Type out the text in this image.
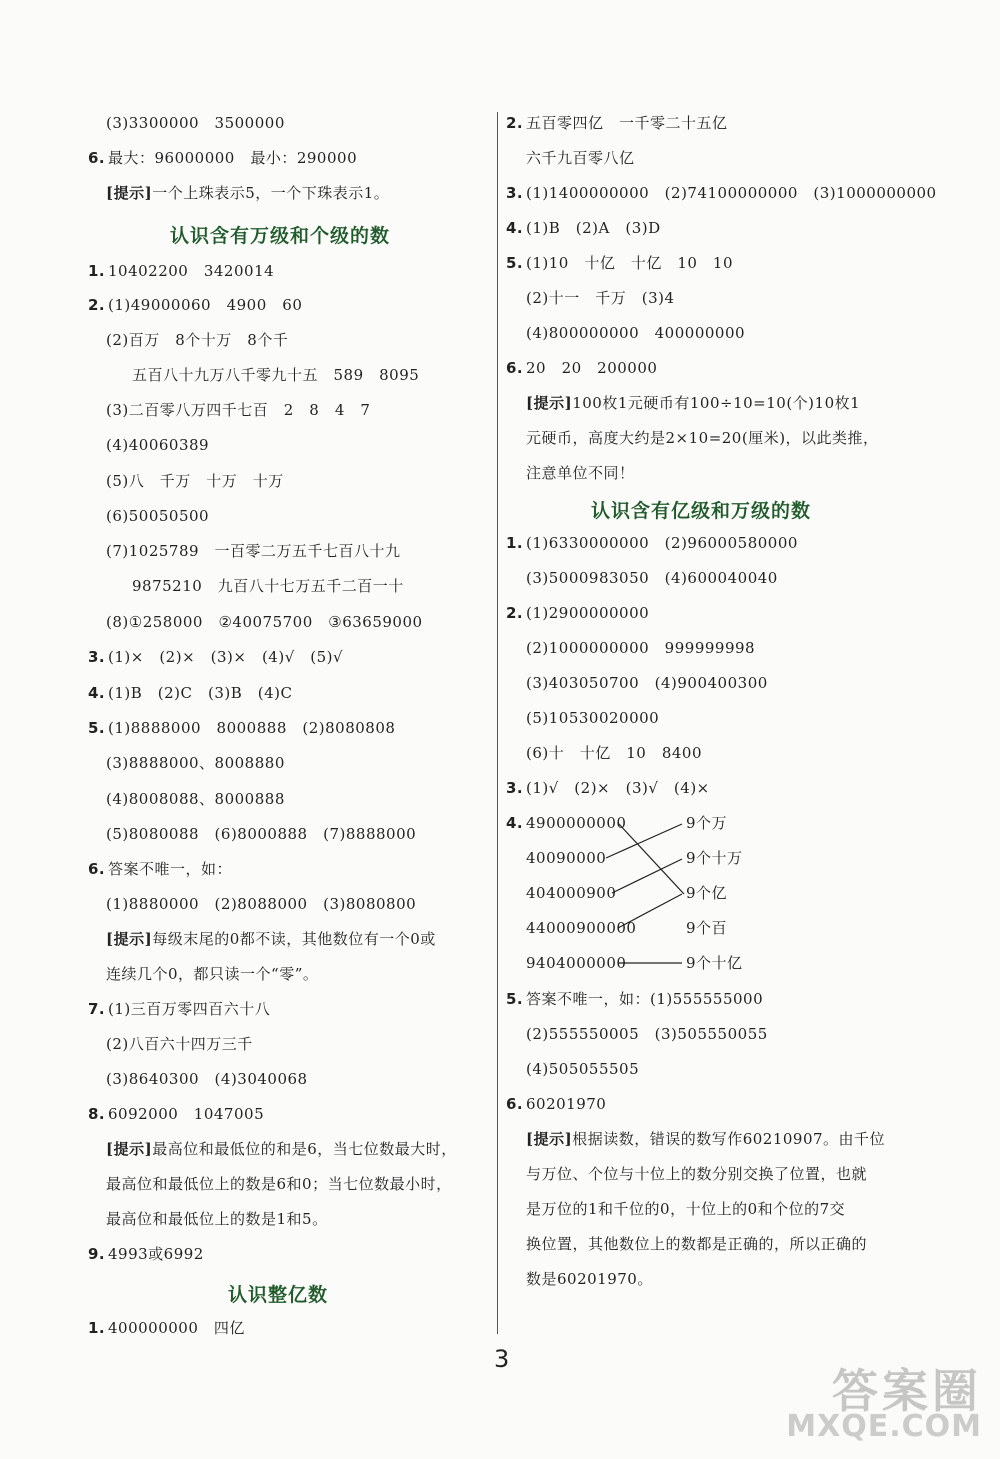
(3)3300000　3500000
6. 最大：96000000　最小：290000
[提示]一个上珠表示5，一个下珠表示1。
认识含有万级和个级的数
1. 10402200　3420014
2. (1)49000060　4900　60
(2)百万　8个十万　8个千
五百八十九万八千零九十五　589　8095
(3)二百零八万四千七百　2　8　4　7
(4)40060389
(5)八　千万　十万　十万
(6)50050500
(7)1025789　一百零二万五千七百八十九
9875210　九百八十七万五千二百一十
(8)①258000　②40075700　③63659000
3. (1)×　(2)×　(3)×　(4)√　(5)√
4. (1)B　(2)C　(3)B　(4)C
5. (1)8888000　8000888　(2)8080808
(3)8888000、8008880
(4)8008088、8000888
(5)8080088　(6)8000888　(7)8888000
6. 答案不唯一，如：
(1)8880000　(2)8088000　(3)8080800
[提示]每级末尾的0都不读，其他数位有一个0或
连续几个0，都只读一个“零”。
7. (1)三百万零四百六十八
(2)八百六十四万三千
(3)8640300　(4)3040068
8. 6092000　1047005
[提示]最高位和最低位的和是6，当七位数最大时，
最高位和最低位上的数是6和0；当七位数最小时，
最高位和最低位上的数是1和5。
9. 4993或6992
认识整亿数
1. 400000000　四亿
2. 五百零四亿　一千零二十五亿
六千九百零八亿
3. (1)1400000000　(2)74100000000　(3)1000000000
4. (1)B　(2)A　(3)D
5. (1)10　十亿　十亿　10　10
(2)十一　千万　(3)4
(4)800000000　400000000
6. 20　20　200000
[提示]100枚1元硬币有100÷10=10(个)10枚1
元硬币，高度大约是2×10=20(厘米)，以此类推，
注意单位不同！
认识含有亿级和万级的数
1. (1)6330000000　(2)96000580000
(3)5000983050　(4)600040040
2. (1)2900000000
(2)1000000000　999999998
(3)403050700　(4)900400300
(5)10530020000
(6)十　十亿　10　8400
3. (1)√　(2)×　(3)√　(4)×
4. 4900000000
40090000
404000900
44000900000
9404000000
9个万
9个十万
9个亿
9个百
9个十亿
5. 答案不唯一，如：(1)555555000
(2)555550005　(3)505550055
(4)505055505
6. 60201970
[提示]根据读数，错误的数写作60210907。由千位
与万位、个位与十位上的数分别交换了位置，也就
是万位的1和千位的0，十位上的0和个位的7交
换位置，其他数位上的数都是正确的，所以正确的
数是60201970。
3
答案圈
MXQE.COM
